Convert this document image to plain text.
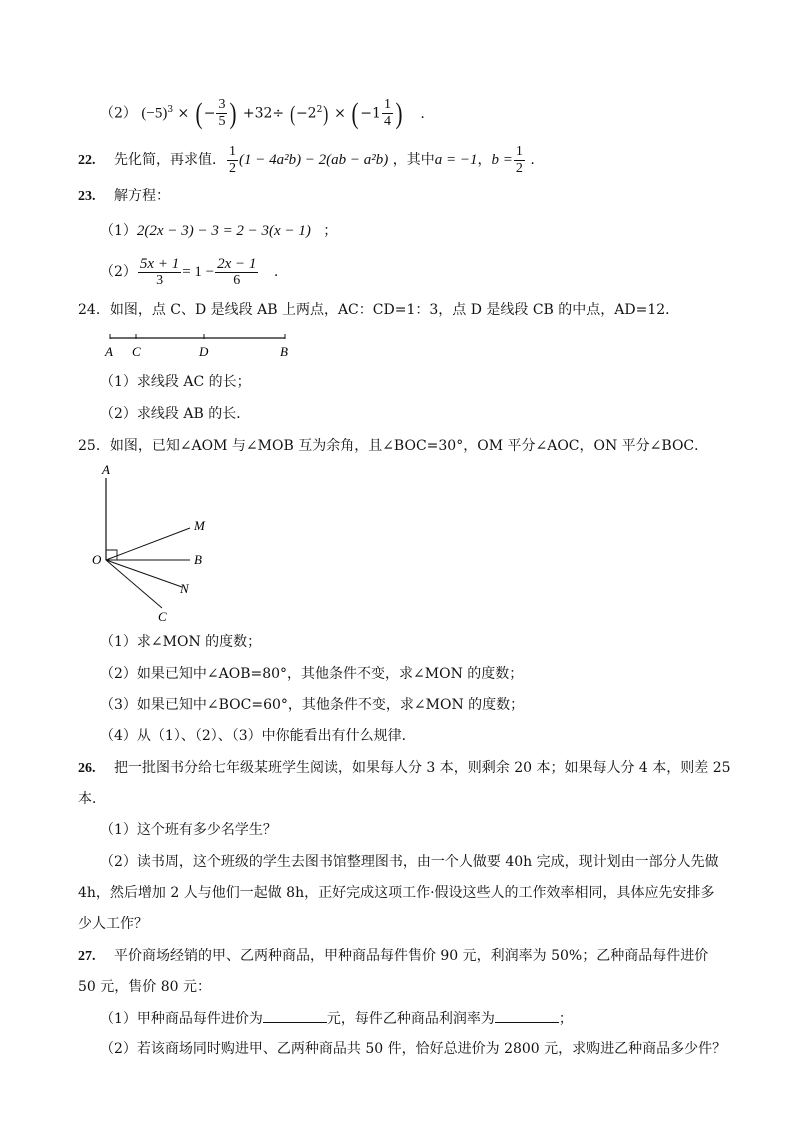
（2） $(-5)^3$ × ( − $\frac{3}{5}$ ) $+32\div (-2^2)$ × ( $-1 \frac{1}{4}$ ) .
22. 先化简，再求值． $\frac{1}{2} (1 - 4a^2b) - 2(ab - a^2b)$ ，其中a = −1，$b = \frac{1}{2}$ .
23. 解方程：
（1）2(2x − 3) − 3 = 2 − 3(x − 1) ；
$(2) \frac{5x + 1}{3} = 1 - \frac{2x - 1}{6}$ .
24．如图，点 C、D 是线段 AB 上两点，AC：CD=1：3，点 D 是线段 CB 的中点，AD=12．
A C	D	B
（1）求线段 AC 的长；
（2）求线段 AB 的长．
25．如图，已知∠AOM 与∠MOB 互为余角，且∠BOC=30°，OM 平分∠AOC，ON 平分∠BOC．
A
M
O	B
N
C
（1）求∠MON 的度数；
（2）如果已知中∠AOB=80°，其他条件不变，求∠MON 的度数；
（3）如果已知中∠BOC=60°，其他条件不变，求∠MON 的度数；
（4）从（1）、（2）、（3）中你能看出有什么规律．
26. 把一批图书分给七年级某班学生阅读，如果每人分 3 本，则剩余 20 本；如果每人分 4 本，则差 25
本．
（1）这个班有多少名学生？
（2）读书周，这个班级的学生去图书馆整理图书，由一个人做要 40h 完成，现计划由一部分人先做
4h，然后增加 2 人与他们一起做 8h，正好完成这项工作·假设这些人的工作效率相同，具体应先安排多
少人工作？
27. 平价商场经销的甲、乙两种商品，甲种商品每件售价 90 元，利润率为 50%；乙种商品每件进价
50 元，售价 80 元：
（1）甲种商品每件进价为	元，每件乙种商品利润率为	；
（2）若该商场同时购进甲、乙两种商品共 50 件，恰好总进价为 2800 元，求购进乙种商品多少件？
